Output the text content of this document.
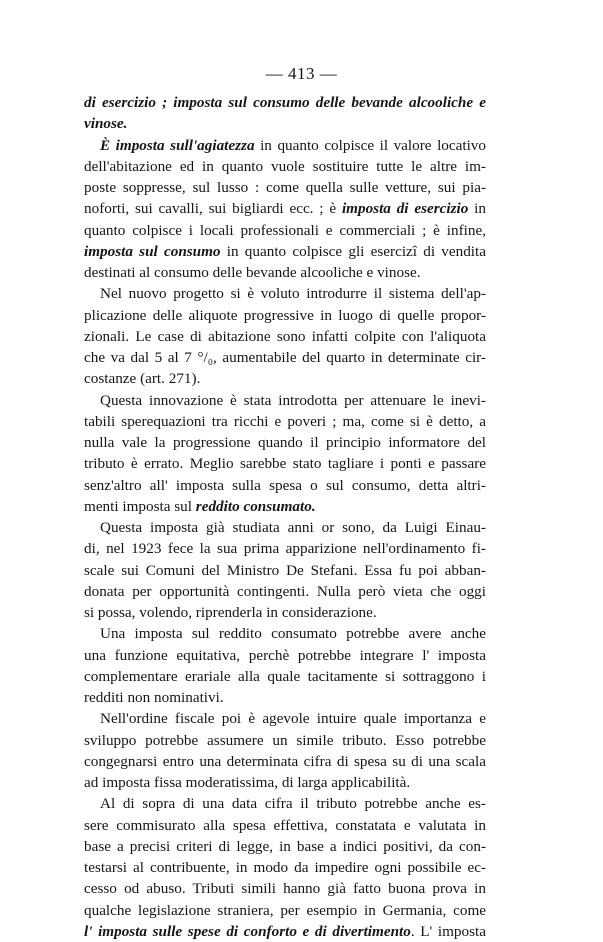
— 413 —
di esercizio ; imposta sul consumo delle bevande alcooliche e
vinose.
È imposta sull'agiatezza in quanto colpisce il valore locativo
dell'abitazione ed in quanto vuole sostituire tutte le altre im-
poste soppresse, sul lusso : come quella sulle vetture, sui pia-
noforti, sui cavalli, sui bigliardi ecc. ; è imposta di esercizio in
quanto colpisce i locali professionali e commerciali ; è infine,
imposta sul consumo in quanto colpisce gli esercizî di vendita
destinati al consumo delle bevande alcooliche e vinose.
Nel nuovo progetto si è voluto introdurre il sistema dell'ap-
plicazione delle aliquote progressive in luogo di quelle propor-
zionali. Le case di abitazione sono infatti colpite con l'aliquota
che va dal 5 al 7 °/₀, aumentabile del quarto in determinate cir-
costanze (art. 271).
Questa innovazione è stata introdotta per attenuare le inevi-
tabili sperequazioni tra ricchi e poveri ; ma, come si è detto, a
nulla vale la progressione quando il principio informatore del
tributo è errato. Meglio sarebbe stato tagliare i ponti e passare
senz'altro all' imposta sulla spesa o sul consumo, detta altri-
menti imposta sul reddito consumato.
Questa imposta già studiata anni or sono, da Luigi Einau-
di, nel 1923 fece la sua prima apparizione nell'ordinamento fi-
scale sui Comuni del Ministro De Stefani. Essa fu poi abban-
donata per opportunità contingenti. Nulla però vieta che oggi
si possa, volendo, riprenderla in considerazione.
Una imposta sul reddito consumato potrebbe avere anche
una funzione equitativa, perchè potrebbe integrare l' imposta
complementare erariale alla quale tacitamente si sottraggono i
redditi non nominativi.
Nell'ordine fiscale poi è agevole intuire quale importanza e
sviluppo potrebbe assumere un simile tributo. Esso potrebbe
congegnarsi entro una determinata cifra di spesa su di una scala
ad imposta fissa moderatissima, di larga applicabilità.
Al di sopra di una data cifra il tributo potrebbe anche es-
sere commisurato alla spesa effettiva, constatata e valutata in
base a precisi criteri di legge, in base a indici positivi, da con-
testarsi al contribuente, in modo da impedire ogni possibile ec-
cesso od abuso. Tributi simili hanno già fatto buona prova in
qualche legislazione straniera, per esempio in Germania, come
l' imposta sulle spese di conforto e di divertimento. L' imposta
